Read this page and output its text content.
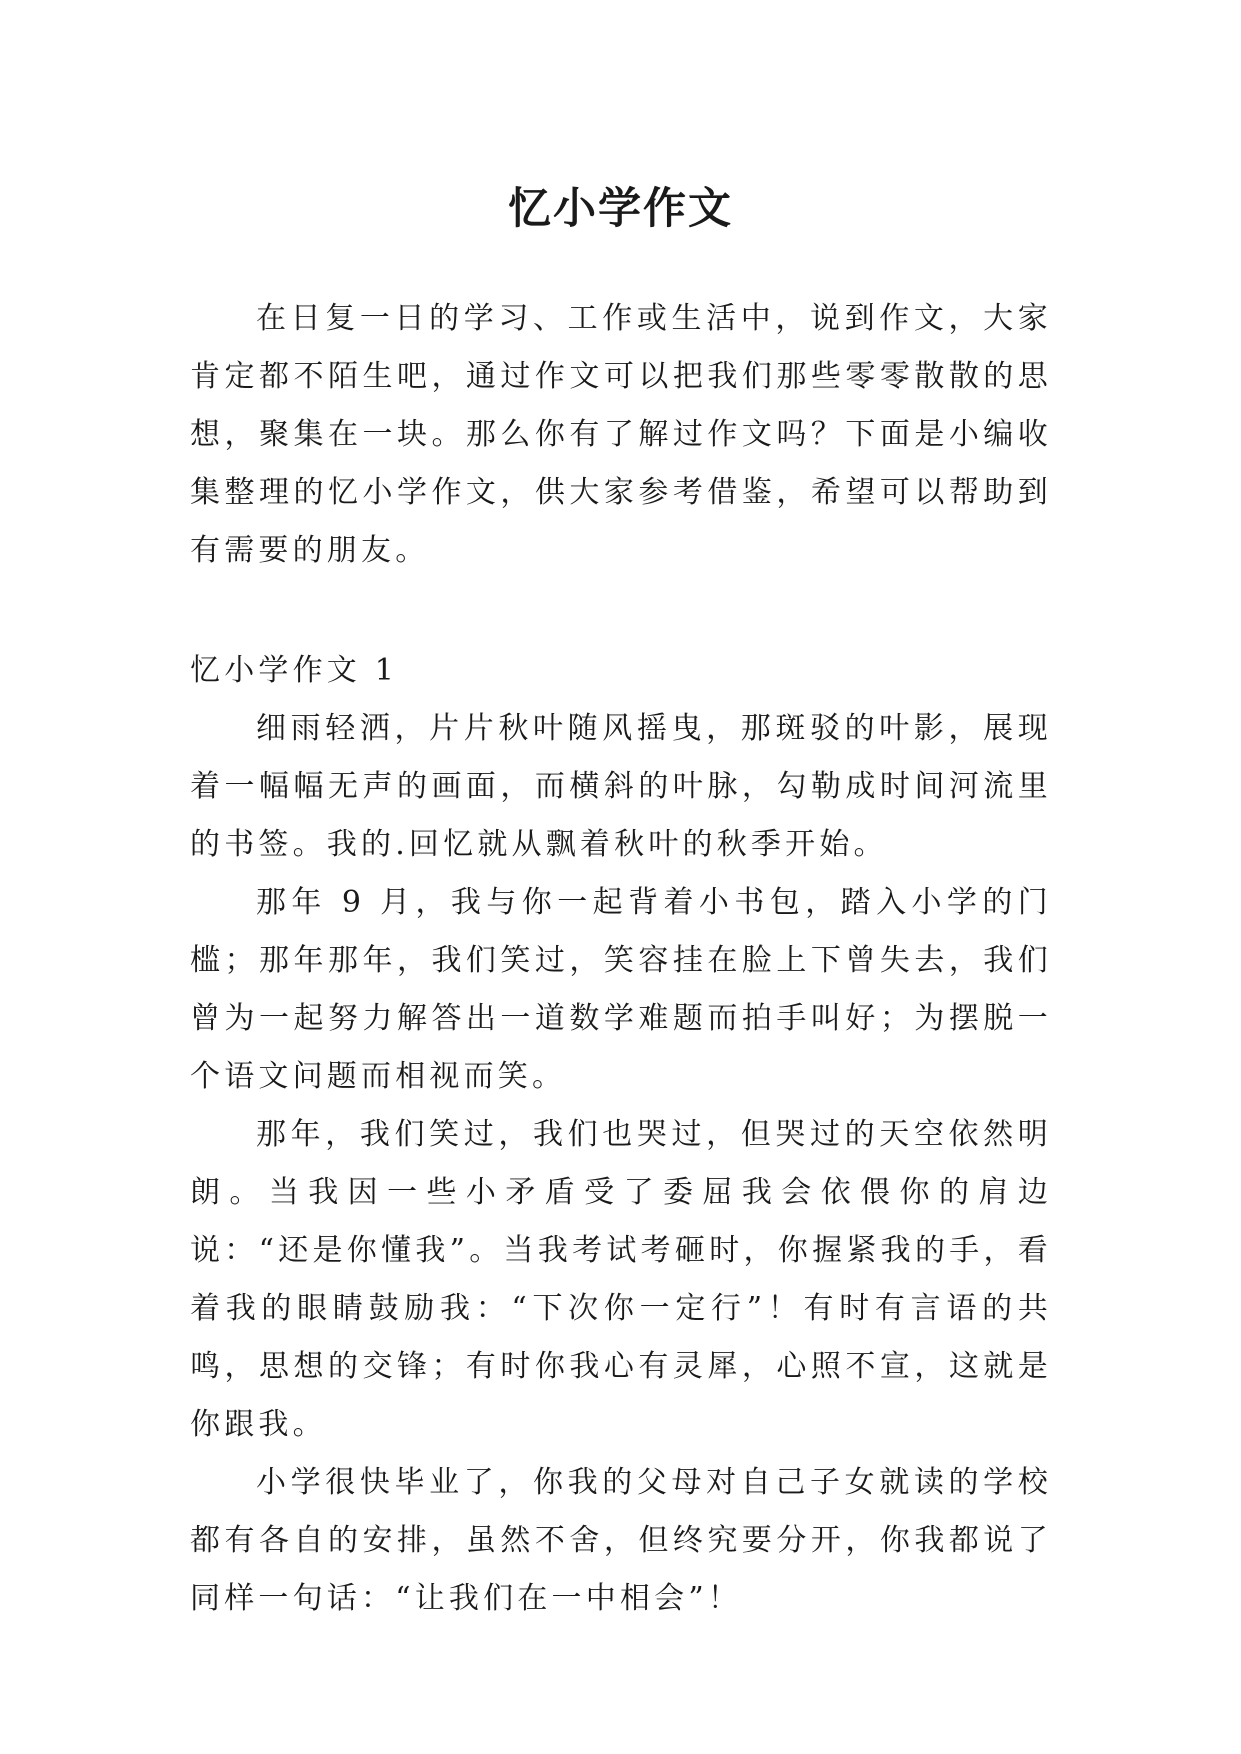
忆小学作文

在日复一日的学习、工作或生活中，说到作文，大家肯定都不陌生吧，通过作文可以把我们那些零零散散的思想，聚集在一块。那么你有了解过作文吗？下面是小编收集整理的忆小学作文，供大家参考借鉴，希望可以帮助到有需要的朋友。

忆小学作文 1

细雨轻洒，片片秋叶随风摇曳，那斑驳的叶影，展现着一幅幅无声的画面，而横斜的叶脉，勾勒成时间河流里的书签。我的.回忆就从飘着秋叶的秋季开始。

那年 9 月，我与你一起背着小书包，踏入小学的门槛；那年那年，我们笑过，笑容挂在脸上下曾失去，我们曾为一起努力解答出一道数学难题而拍手叫好；为摆脱一个语文问题而相视而笑。

那年，我们笑过，我们也哭过，但哭过的天空依然明朗。当我因一些小矛盾受了委屈我会依偎你的肩边说：“还是你懂我”。当我考试考砸时，你握紧我的手，看着我的眼睛鼓励我：“下次你一定行”！有时有言语的共鸣，思想的交锋；有时你我心有灵犀，心照不宣，这就是你跟我。

小学很快毕业了，你我的父母对自己子女就读的学校都有各自的安排，虽然不舍，但终究要分开，你我都说了同样一句话：“让我们在一中相会”！
